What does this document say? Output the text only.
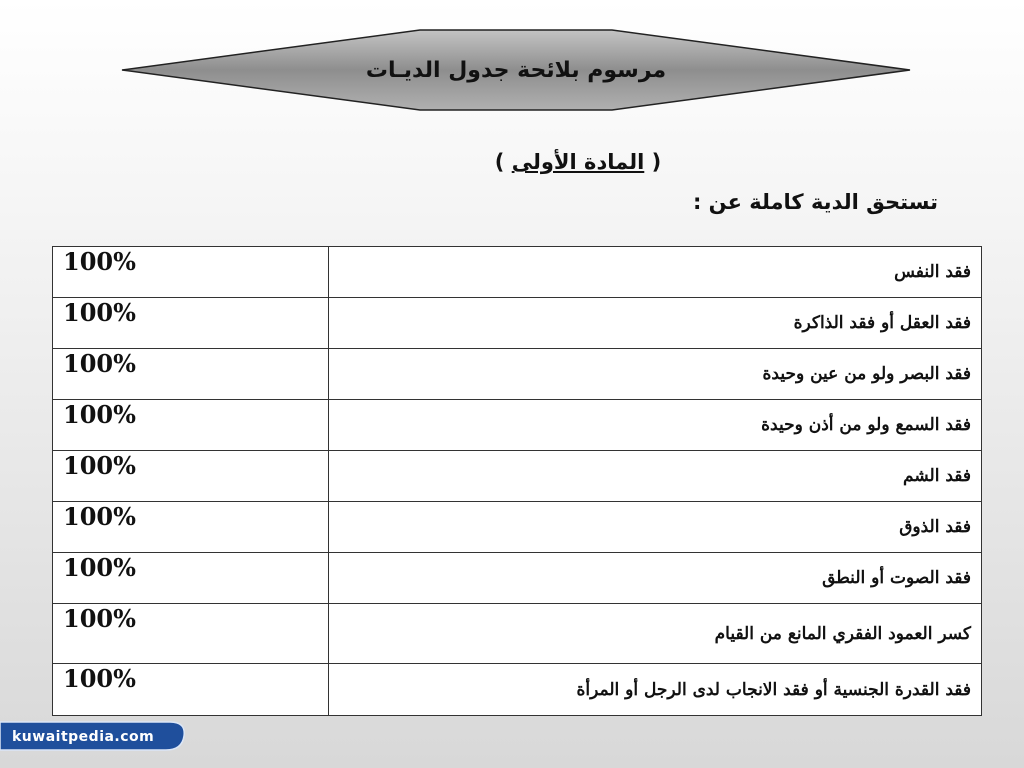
مرسوم بلائحة جدول الديـات
( المادة الأولى )
تستحق الدية كاملة عن :
فقد النفس	100%
فقد العقل أو فقد الذاكرة	100%
فقد البصر ولو من عين وحيدة	100%
فقد السمع ولو من أذن وحيدة	100%
فقد الشم	100%
فقد الذوق	100%
فقد الصوت أو النطق	100%
كسر العمود الفقري المانع من القيام	100%
فقد القدرة الجنسية أو فقد الانجاب لدى الرجل أو المرأة	100%
kuwaitpedia.com
